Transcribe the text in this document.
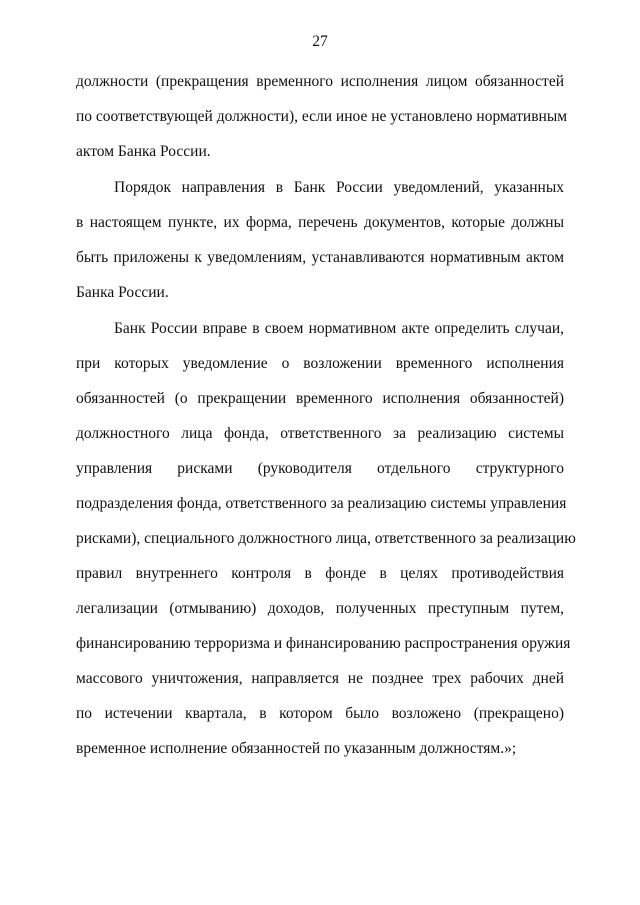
27
должности (прекращения временного исполнения лицом обязанностей
по соответствующей должности), если иное не установлено нормативным
актом Банка России.
Порядок направления в Банк России уведомлений, указанных
в настоящем пункте, их форма, перечень документов, которые должны
быть приложены к уведомлениям, устанавливаются нормативным актом
Банка России.
Банк России вправе в своем нормативном акте определить случаи,
при которых уведомление о возложении временного исполнения
обязанностей (о прекращении временного исполнения обязанностей)
должностного лица фонда, ответственного за реализацию системы
управления рисками (руководителя отдельного структурного
подразделения фонда, ответственного за реализацию системы управления
рисками), специального должностного лица, ответственного за реализацию
правил внутреннего контроля в фонде в целях противодействия
легализации (отмыванию) доходов, полученных преступным путем,
финансированию терроризма и финансированию распространения оружия
массового уничтожения, направляется не позднее трех рабочих дней
по истечении квартала, в котором было возложено (прекращено)
временное исполнение обязанностей по указанным должностям.»;
